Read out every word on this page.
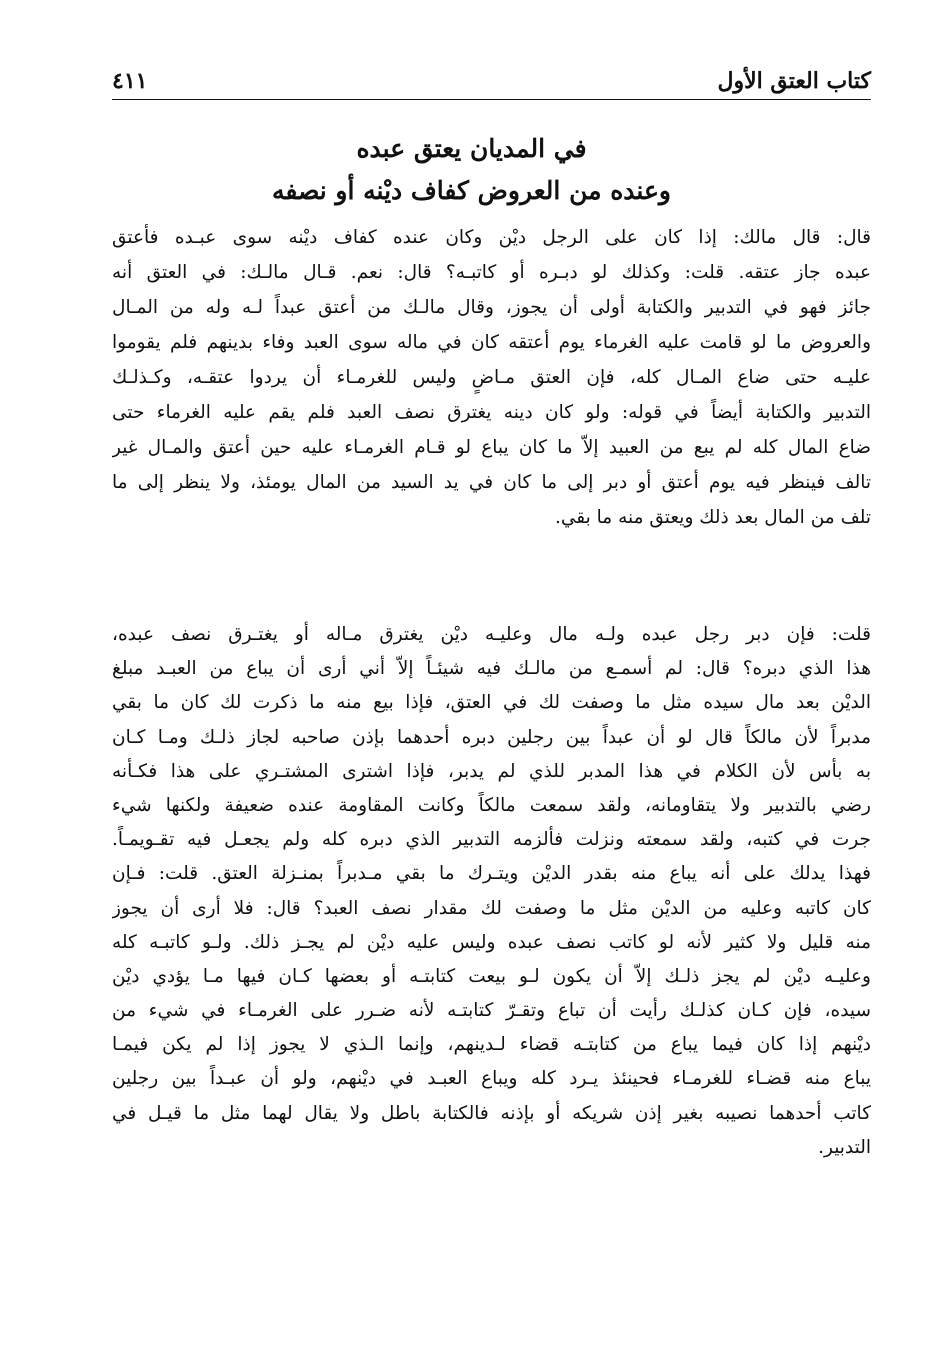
كتاب العتق الأول
٤١١
في المديان يعتق عبده
وعنده من العروض كفاف ديْنه أو نصفه
قال: قال مالك: إذا كان على الرجل ديْن وكان عنده كفاف ديْنه سوى عبـده فأعتق
عبده جاز عتقه. قلت: وكذلك لو دبـره أو كاتبـه؟ قال: نعم. قـال مالـك: في العتق أنه
جائز فهو في التدبير والكتابة أولى أن يجوز، وقال مالـك من أعتق عبداً لـه وله من المـال
والعروض ما لو قامت عليه الغرماء يوم أعتقه كان في ماله سوى العبد وفاء بدينهم فلم يقوموا
عليـه حتى ضاع المـال كله، فإن العتق مـاضٍ وليس للغرمـاء أن يردوا عتقـه، وكـذلـك
التدبير والكتابة أيضاً في قوله: ولو كان دينه يغترق نصف العبد فلم يقم عليه الغرماء حتى
ضاع المال كله لم يبع من العبيد إلاّ ما كان يباع لو قـام الغرمـاء عليه حين أعتق والمـال غير
تالف فينظر فيه يوم أعتق أو دبر إلى ما كان في يد السيد من المال يومئذ، ولا ينظر إلى ما
تلف من المال بعد ذلك ويعتق منه ما بقي.
قلت: فإن دبر رجل عبده ولـه مال وعليـه ديْن يغترق مـاله أو يغتـرق نصف عبده،
هذا الذي دبره؟ قال: لم أسمـع من مالـك فيه شيئـاً إلاّ أني أرى أن يباع من العبـد مبلغ
الديْن بعد مال سيده مثل ما وصفت لك في العتق، فإذا بيع منه ما ذكرت لك كان ما بقي
مدبراً لأن مالكاً قال لو أن عبداً بين رجلين دبره أحدهما بإذن صاحبه لجاز ذلـك ومـا كـان
به بأس لأن الكلام في هذا المدبر للذي لم يدبر، فإذا اشترى المشتـري على هذا فكـأنه
رضي بالتدبير ولا يتقاومانه، ولقد سمعت مالكاً وكانت المقاومة عنده ضعيفة ولكنها شيء
جرت في كتبه، ولقد سمعته ونزلت فألزمه التدبير الذي دبره كله ولم يجعـل فيه تقـويمـاً.
فهذا يدلك على أنه يباع منه بقدر الديْن ويتـرك ما بقي مـدبراً بمنـزلة العتق. قلت: فـإن
كان كاتبه وعليه من الديْن مثل ما وصفت لك مقدار نصف العبد؟ قال: فلا أرى أن يجوز
منه قليل ولا كثير لأنه لو كاتب نصف عبده وليس عليه ديْن لم يجـز ذلك. ولـو كاتبـه كله
وعليـه ديْن لم يجز ذلـك إلاّ أن يكون لـو بيعت كتابتـه أو بعضها كـان فيها مـا يؤدي ديْن
سيده، فإن كـان كذلـك رأيت أن تباع وتقـرّ كتابتـه لأنه ضـرر على الغرمـاء في شيء من
ديْنهم إذا كان فيما يباع من كتابتـه قضاء لـدينهم، وإنما الـذي لا يجوز إذا لم يكن فيمـا
يباع منه قضـاء للغرمـاء فحينئذ يـرد كله ويباع العبـد في ديْنهم، ولو أن عبـداً بين رجلين
كاتب أحدهما نصيبه بغير إذن شريكه أو بإذنه فالكتابة باطل ولا يقال لهما مثل ما قيـل في
التدبير.
